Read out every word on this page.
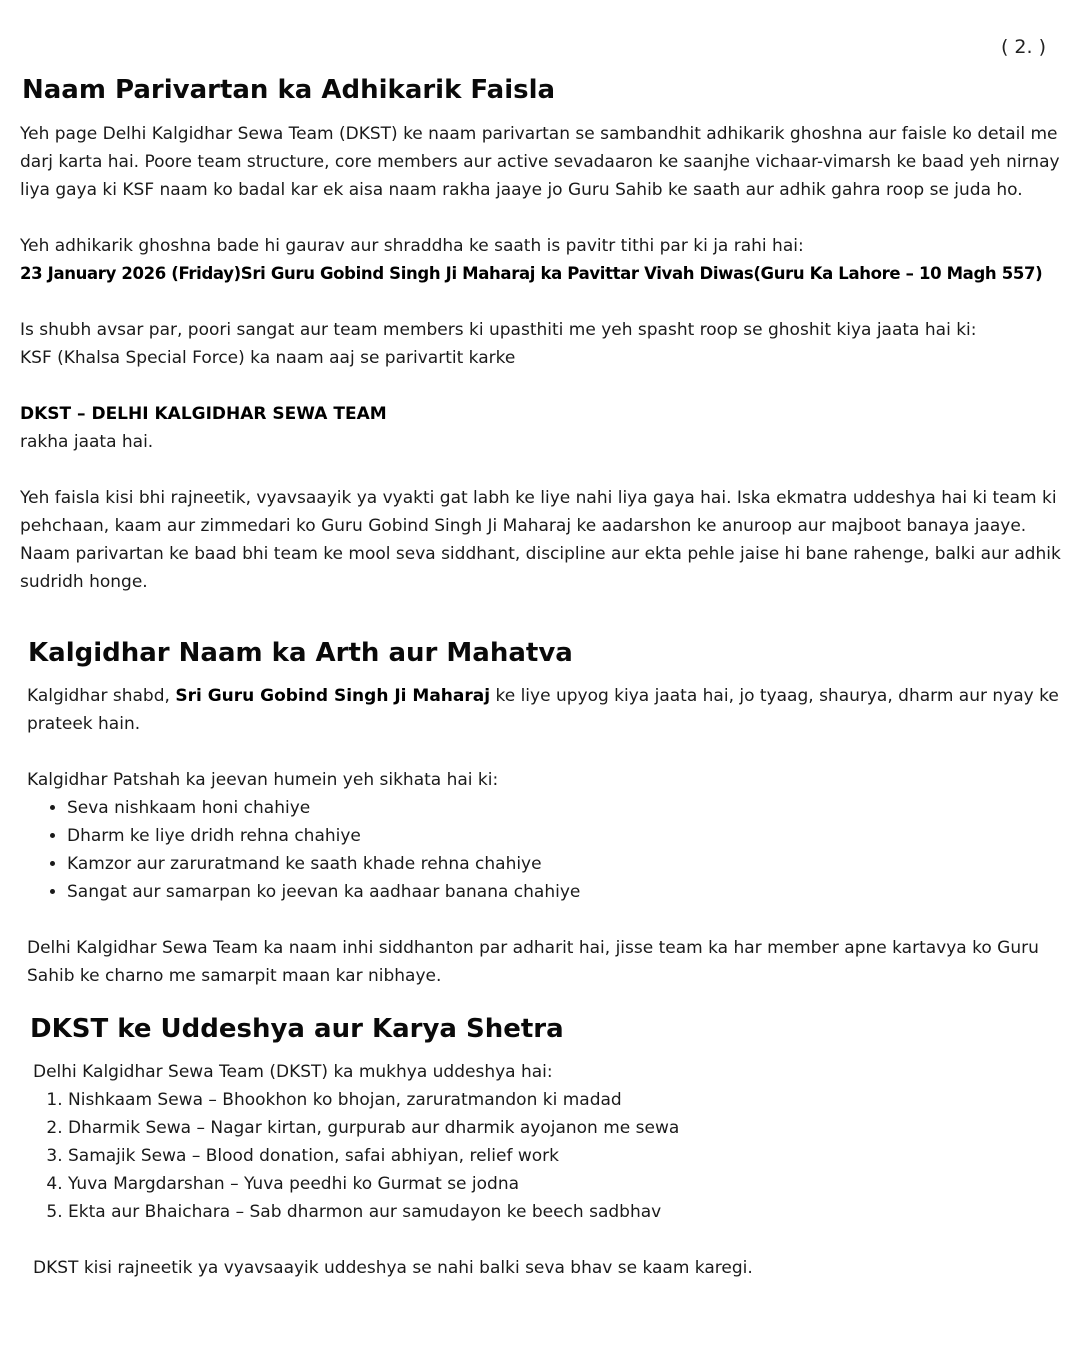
( 2. )
Naam Parivartan ka Adhikarik Faisla

Yeh page Delhi Kalgidhar Sewa Team (DKST) ke naam parivartan se sambandhit adhikarik ghoshna aur faisle ko detail me darj karta hai. Poore team structure, core members aur active sevadaaron ke saanjhe vichaar-vimarsh ke baad yeh nirnay liya gaya ki KSF naam ko badal kar ek aisa naam rakha jaaye jo Guru Sahib ke saath aur adhik gahra roop se juda ho.

Yeh adhikarik ghoshna bade hi gaurav aur shraddha ke saath is pavitr tithi par ki ja rahi hai:

23 January 2026 (Friday)Sri Guru Gobind Singh Ji Maharaj ka Pavittar Vivah Diwas(Guru Ka Lahore – 10 Magh 557)

Is shubh avsar par, poori sangat aur team members ki upasthiti me yeh spasht roop se ghoshit kiya jaata hai ki:

KSF (Khalsa Special Force) ka naam aaj se parivartit karke

DKST – DELHI KALGIDHAR SEWA TEAM

rakha jaata hai.

Yeh faisla kisi bhi rajneetik, vyavsaayik ya vyakti gat labh ke liye nahi liya gaya hai. Iska ekmatra uddeshya hai ki team ki pehchaan, kaam aur zimmedari ko Guru Gobind Singh Ji Maharaj ke aadarshon ke anuroop aur majboot banaya jaaye. Naam parivartan ke baad bhi team ke mool seva siddhant, discipline aur ekta pehle jaise hi bane rahenge, balki aur adhik sudridh honge.

Kalgidhar Naam ka Arth aur Mahatva

Kalgidhar shabd, Sri Guru Gobind Singh Ji Maharaj ke liye upyog kiya jaata hai, jo tyaag, shaurya, dharm aur nyay ke prateek hain.

Kalgidhar Patshah ka jeevan humein yeh sikhata hai ki:

• Seva nishkaam honi chahiye
• Dharm ke liye dridh rehna chahiye
• Kamzor aur zaruratmand ke saath khade rehna chahiye
• Sangat aur samarpan ko jeevan ka aadhaar banana chahiye

Delhi Kalgidhar Sewa Team ka naam inhi siddhanton par adharit hai, jisse team ka har member apne kartavya ko Guru Sahib ke charno me samarpit maan kar nibhaye.

DKST ke Uddeshya aur Karya Shetra

Delhi Kalgidhar Sewa Team (DKST) ka mukhya uddeshya hai:

1. Nishkaam Sewa – Bhookhon ko bhojan, zaruratmandon ki madad
2. Dharmik Sewa – Nagar kirtan, gurpurab aur dharmik ayojanon me sewa
3. Samajik Sewa – Blood donation, safai abhiyan, relief work
4. Yuva Margdarshan – Yuva peedhi ko Gurmat se jodna
5. Ekta aur Bhaichara – Sab dharmon aur samudayon ke beech sadbhav

DKST kisi rajneetik ya vyavsaayik uddeshya se nahi balki seva bhav se kaam karegi.
